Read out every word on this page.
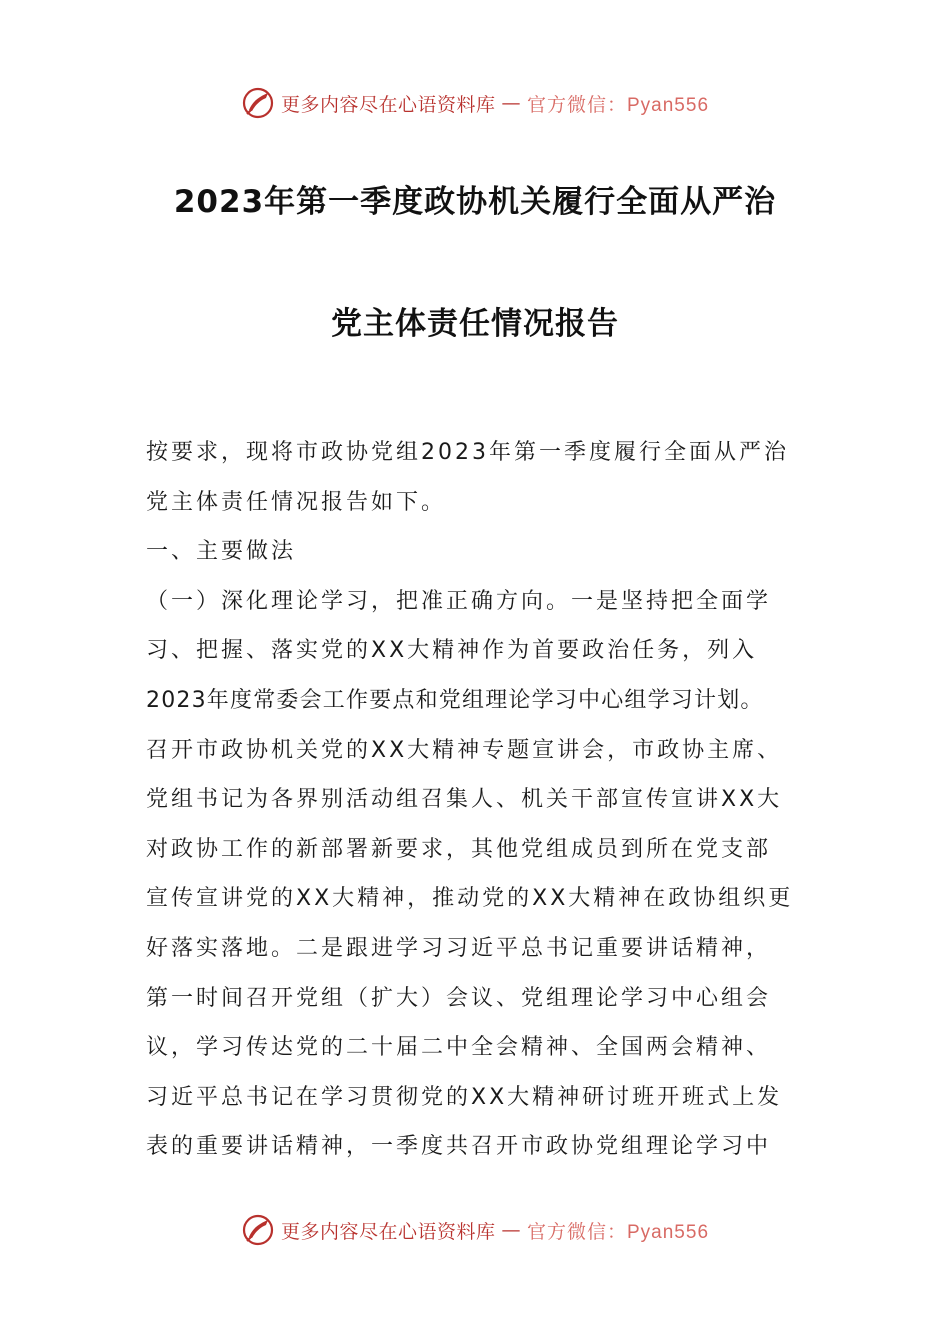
更多内容尽在心语资料库 — 官方微信：Pyan556
2023年第一季度政协机关履行全面从严治
党主体责任情况报告
按要求，现将市政协党组2023年第一季度履行全面从严治
党主体责任情况报告如下。
一、主要做法
（一）深化理论学习，把准正确方向。一是坚持把全面学
习、把握、落实党的XX大精神作为首要政治任务，列入
2023年度常委会工作要点和党组理论学习中心组学习计划。
召开市政协机关党的XX大精神专题宣讲会，市政协主席、
党组书记为各界别活动组召集人、机关干部宣传宣讲XX大
对政协工作的新部署新要求，其他党组成员到所在党支部
宣传宣讲党的XX大精神，推动党的XX大精神在政协组织更
好落实落地。二是跟进学习习近平总书记重要讲话精神，
第一时间召开党组（扩大）会议、党组理论学习中心组会
议，学习传达党的二十届二中全会精神、全国两会精神、
习近平总书记在学习贯彻党的XX大精神研讨班开班式上发
表的重要讲话精神，一季度共召开市政协党组理论学习中
更多内容尽在心语资料库 — 官方微信：Pyan556
